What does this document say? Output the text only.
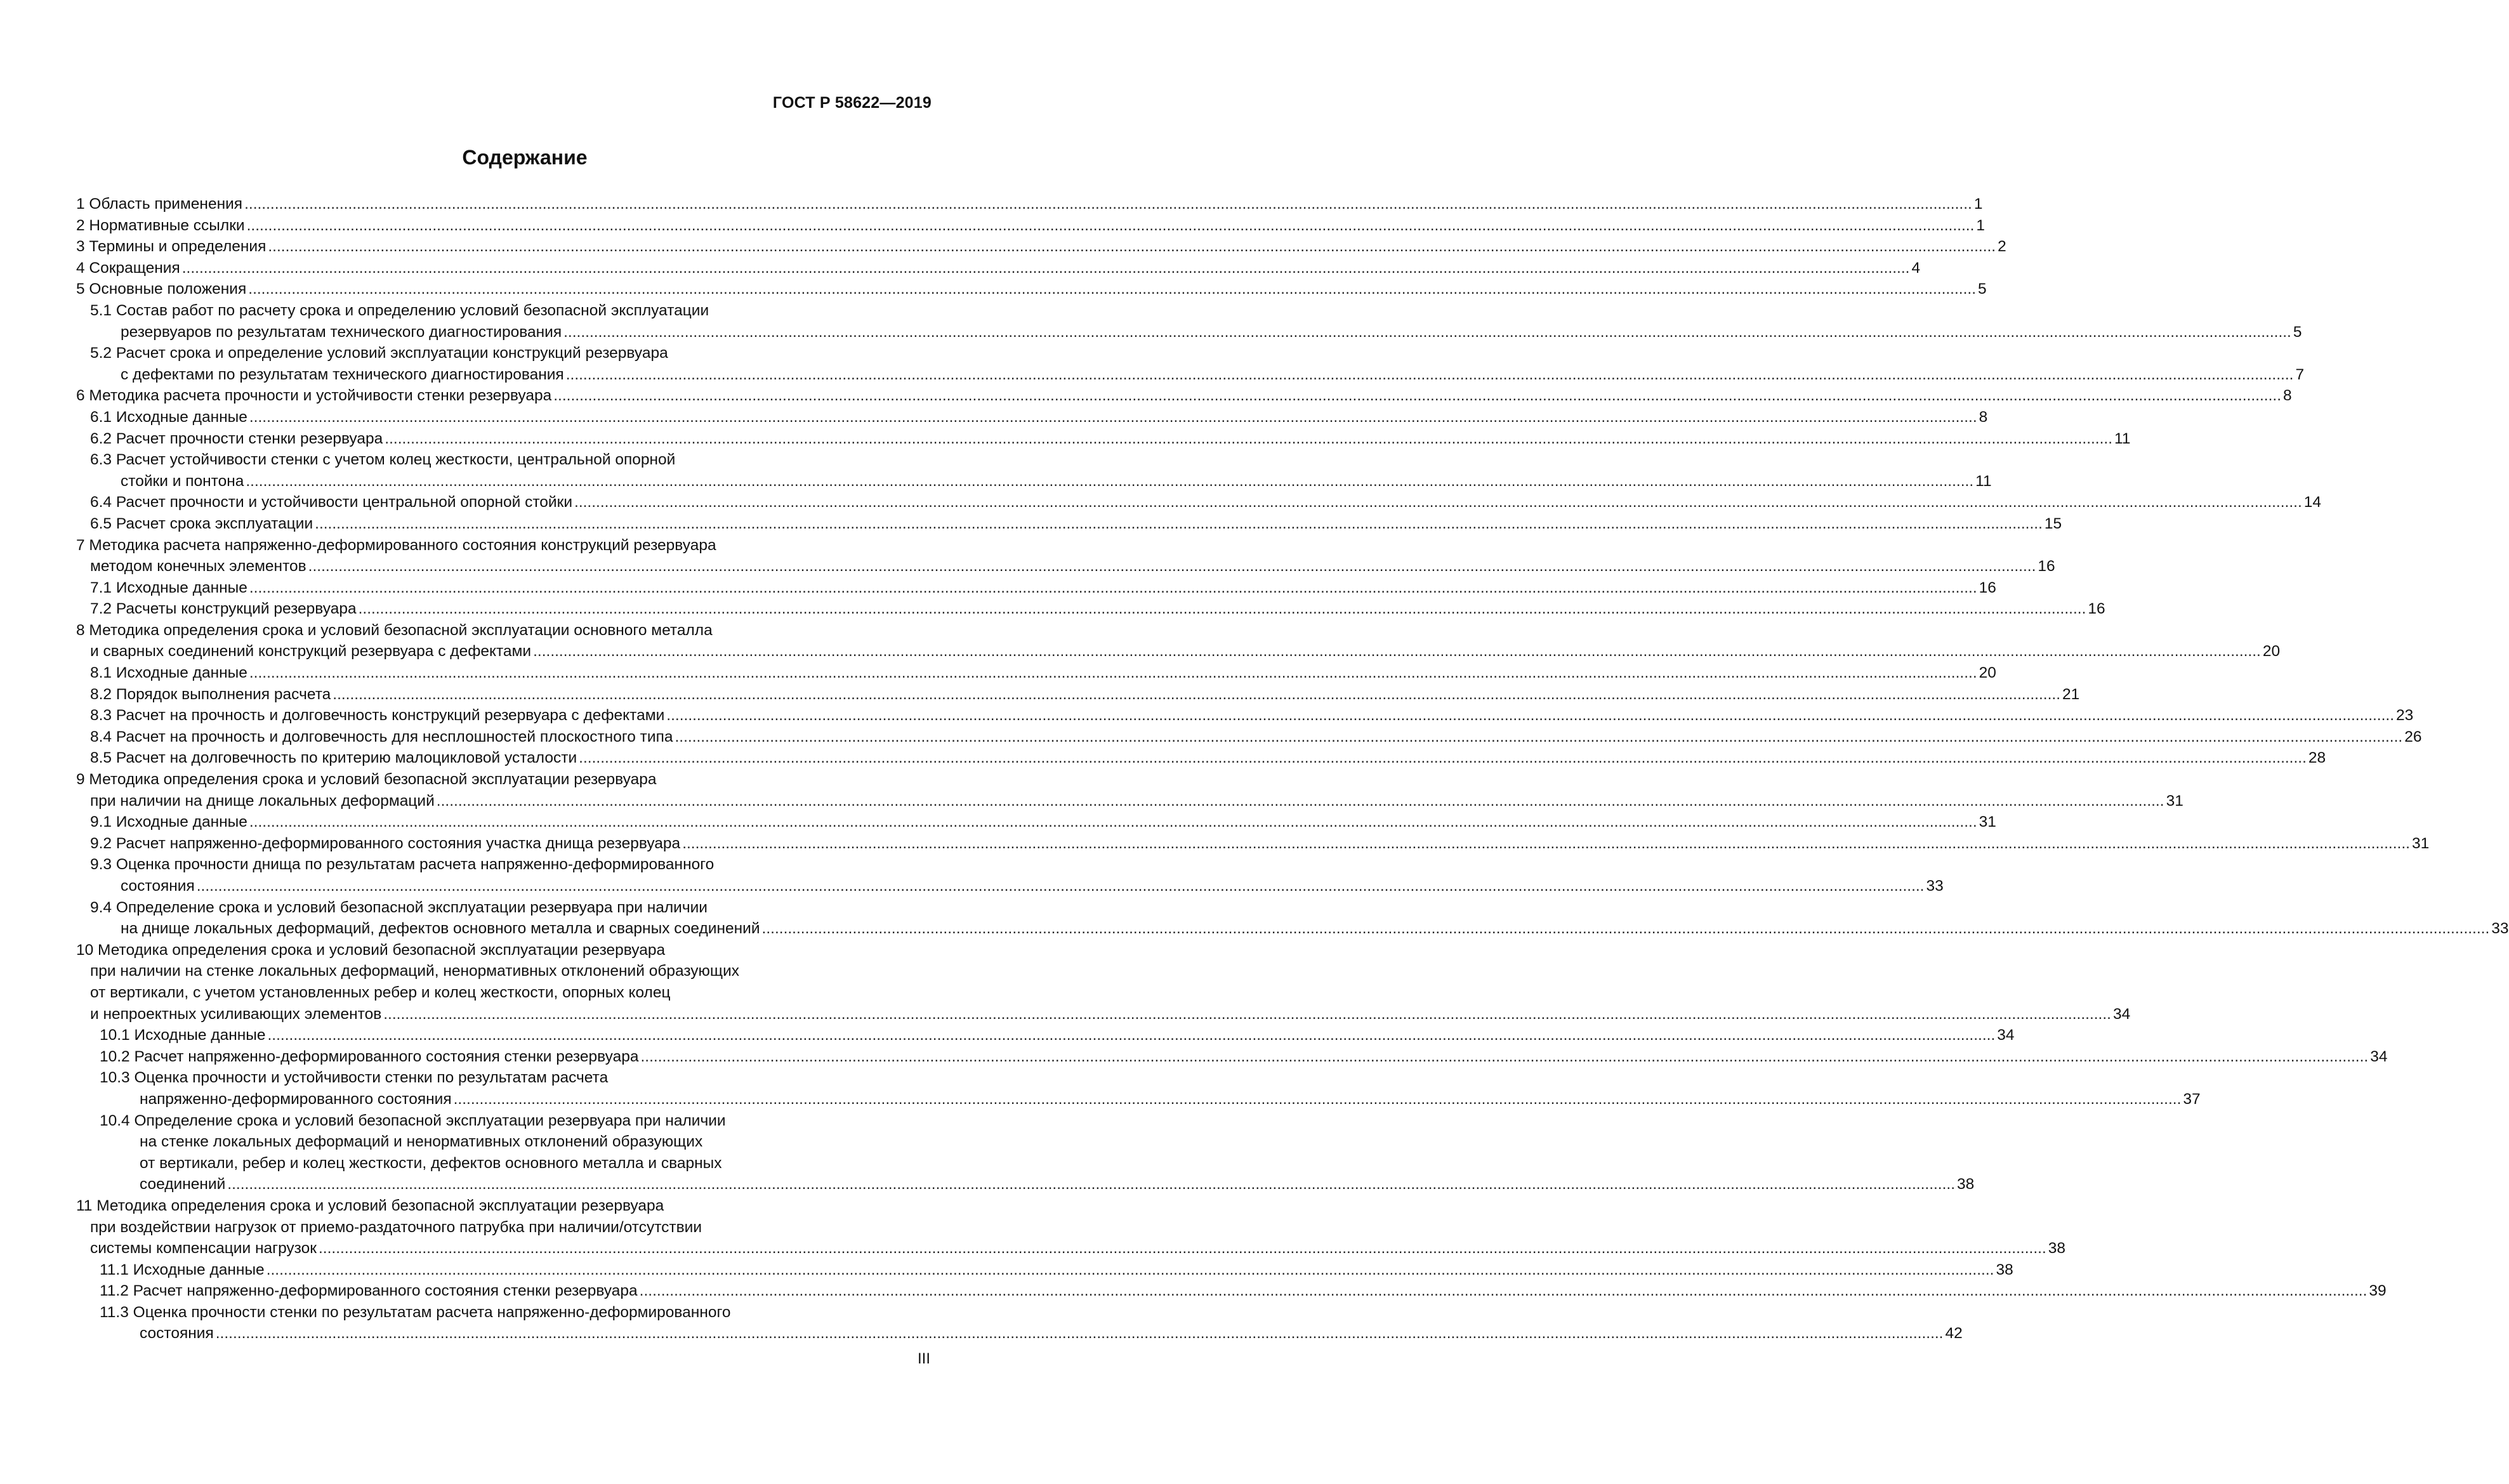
ГОСТ Р 58622—2019
Содержание
1 Область применения ................................................................................................................................................................................................................................................................................................................................................................................................................ 1
2 Нормативные ссылки ................................................................................................................................................................................................................................................................................................................................................................................................................ 1
3 Термины и определения ................................................................................................................................................................................................................................................................................................................................................................................................................ 2
4 Сокращения ................................................................................................................................................................................................................................................................................................................................................................................................................ 4
5 Основные положения ................................................................................................................................................................................................................................................................................................................................................................................................................ 5
5.1 Состав работ по расчету срока и определению условий безопасной эксплуатации
резервуаров по результатам технического диагностирования ................................................................................................................................................................................................................................................................................................................................................................................................................ 5
5.2 Расчет срока и определение условий эксплуатации конструкций резервуара
с дефектами по результатам технического диагностирования ................................................................................................................................................................................................................................................................................................................................................................................................................ 7
6 Методика расчета прочности и устойчивости стенки резервуара ................................................................................................................................................................................................................................................................................................................................................................................................................ 8
6.1 Исходные данные ................................................................................................................................................................................................................................................................................................................................................................................................................ 8
6.2 Расчет прочности стенки резервуара ................................................................................................................................................................................................................................................................................................................................................................................................................ 11
6.3 Расчет устойчивости стенки с учетом колец жесткости, центральной опорной
стойки и понтона ................................................................................................................................................................................................................................................................................................................................................................................................................ 11
6.4 Расчет прочности и устойчивости центральной опорной стойки ................................................................................................................................................................................................................................................................................................................................................................................................................ 14
6.5 Расчет срока эксплуатации ................................................................................................................................................................................................................................................................................................................................................................................................................ 15
7 Методика расчета напряженно-деформированного состояния конструкций резервуара
методом конечных элементов ................................................................................................................................................................................................................................................................................................................................................................................................................ 16
7.1 Исходные данные ................................................................................................................................................................................................................................................................................................................................................................................................................ 16
7.2 Расчеты конструкций резервуара ................................................................................................................................................................................................................................................................................................................................................................................................................ 16
8 Методика определения срока и условий безопасной эксплуатации основного металла
и сварных соединений конструкций резервуара с дефектами ................................................................................................................................................................................................................................................................................................................................................................................................................ 20
8.1 Исходные данные ................................................................................................................................................................................................................................................................................................................................................................................................................ 20
8.2 Порядок выполнения расчета ................................................................................................................................................................................................................................................................................................................................................................................................................ 21
8.3 Расчет на прочность и долговечность конструкций резервуара с дефектами ................................................................................................................................................................................................................................................................................................................................................................................................................ 23
8.4 Расчет на прочность и долговечность для несплошностей плоскостного типа ................................................................................................................................................................................................................................................................................................................................................................................................................ 26
8.5 Расчет на долговечность по критерию малоцикловой усталости ................................................................................................................................................................................................................................................................................................................................................................................................................ 28
9 Методика определения срока и условий безопасной эксплуатации резервуара
при наличии на днище локальных деформаций ................................................................................................................................................................................................................................................................................................................................................................................................................ 31
9.1 Исходные данные ................................................................................................................................................................................................................................................................................................................................................................................................................ 31
9.2 Расчет напряженно-деформированного состояния участка днища резервуара ................................................................................................................................................................................................................................................................................................................................................................................................................ 31
9.3 Оценка прочности днища по результатам расчета напряженно-деформированного
состояния ................................................................................................................................................................................................................................................................................................................................................................................................................ 33
9.4 Определение срока и условий безопасной эксплуатации резервуара при наличии
на днище локальных деформаций, дефектов основного металла и сварных соединений ................................................................................................................................................................................................................................................................................................................................................................................................................ 33
10 Методика определения срока и условий безопасной эксплуатации резервуара
при наличии на стенке локальных деформаций, ненормативных отклонений образующих
от вертикали, с учетом установленных ребер и колец жесткости, опорных колец
и непроектных усиливающих элементов ................................................................................................................................................................................................................................................................................................................................................................................................................ 34
10.1 Исходные данные ................................................................................................................................................................................................................................................................................................................................................................................................................ 34
10.2 Расчет напряженно-деформированного состояния стенки резервуара ................................................................................................................................................................................................................................................................................................................................................................................................................ 34
10.3 Оценка прочности и устойчивости стенки по результатам расчета
напряженно-деформированного состояния ................................................................................................................................................................................................................................................................................................................................................................................................................ 37
10.4 Определение срока и условий безопасной эксплуатации резервуара при наличии
на стенке локальных деформаций и ненормативных отклонений образующих
от вертикали, ребер и колец жесткости, дефектов основного металла и сварных
соединений ................................................................................................................................................................................................................................................................................................................................................................................................................ 38
11 Методика определения срока и условий безопасной эксплуатации резервуара
при воздействии нагрузок от приемо-раздаточного патрубка при наличии/отсутствии
системы компенсации нагрузок ................................................................................................................................................................................................................................................................................................................................................................................................................ 38
11.1 Исходные данные ................................................................................................................................................................................................................................................................................................................................................................................................................ 38
11.2 Расчет напряженно-деформированного состояния стенки резервуара ................................................................................................................................................................................................................................................................................................................................................................................................................ 39
11.3 Оценка прочности стенки по результатам расчета напряженно-деформированного
состояния ................................................................................................................................................................................................................................................................................................................................................................................................................ 42
III
